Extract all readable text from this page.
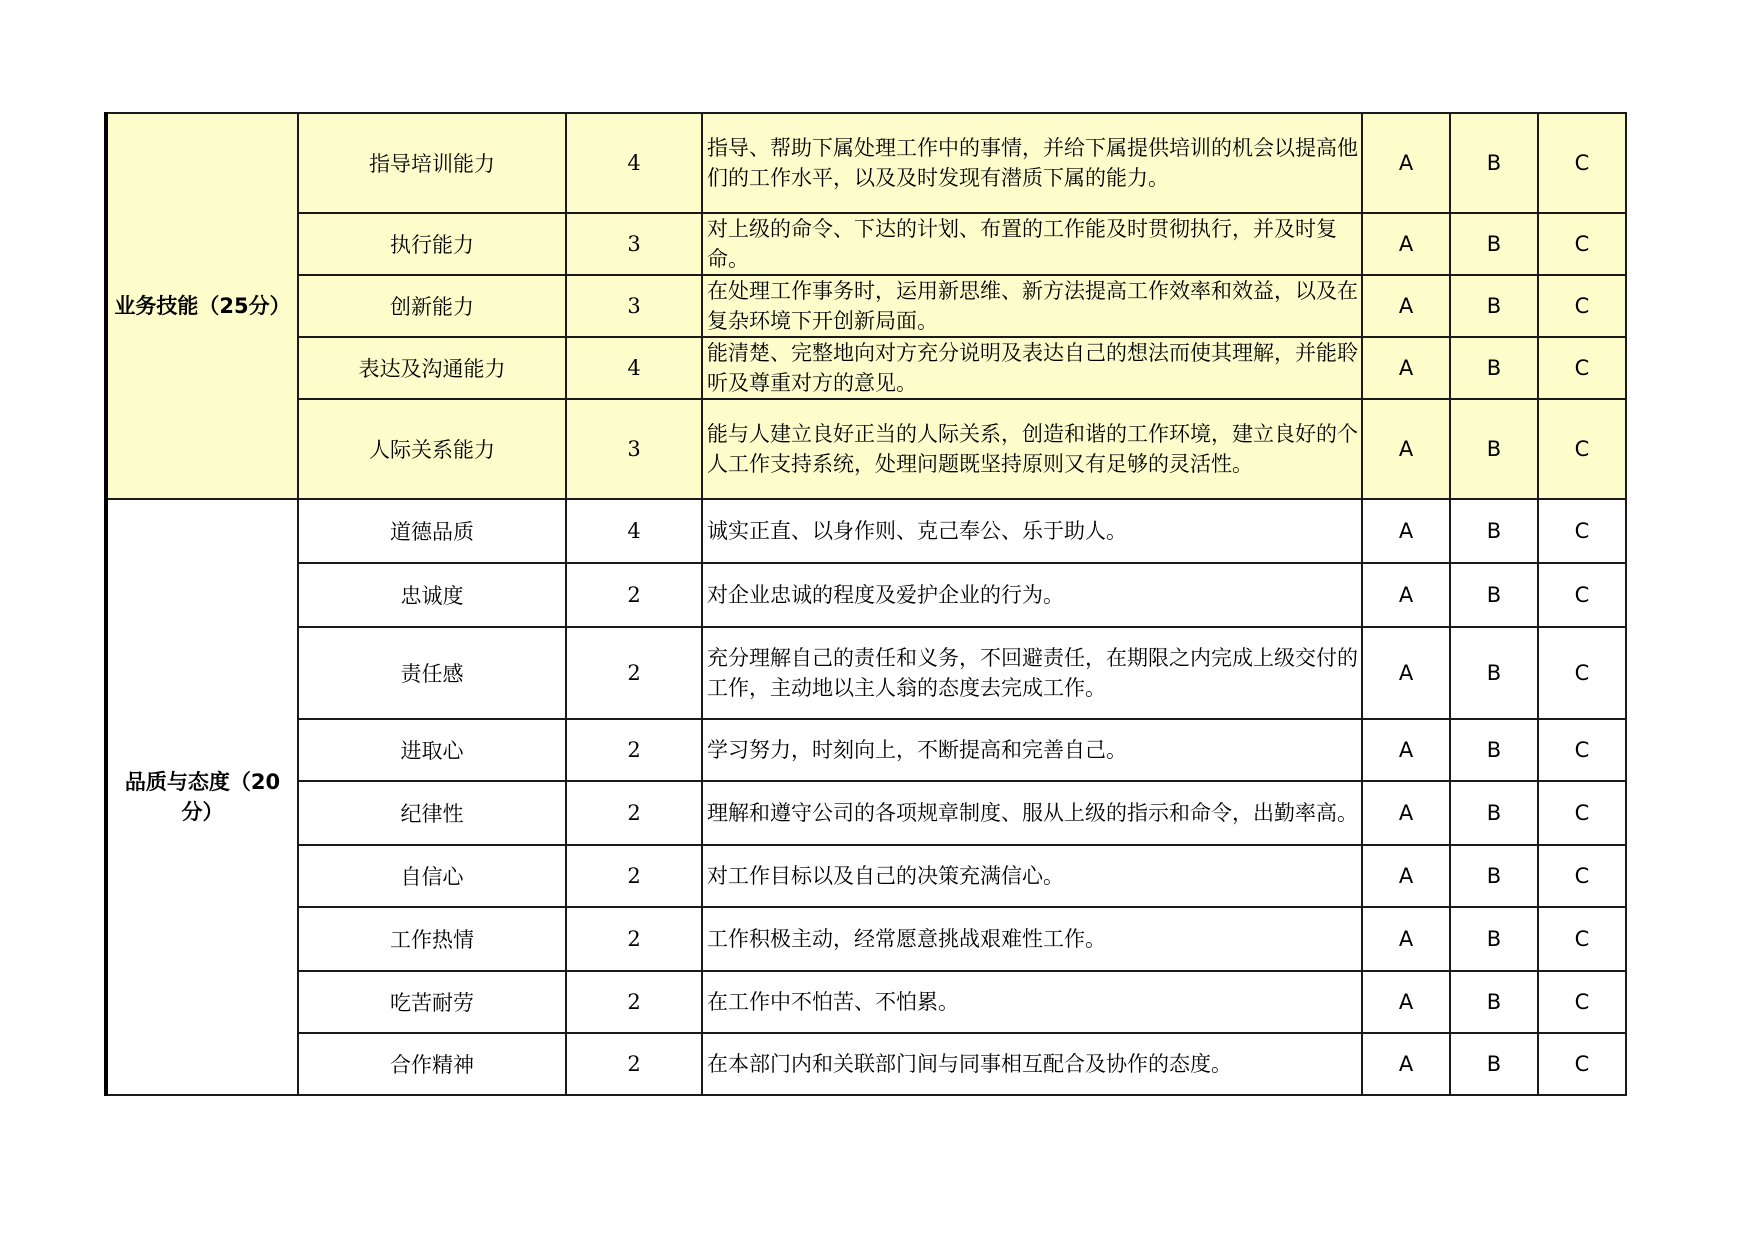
业务技能（25分）	指导培训能力	4	指导、帮助下属处理工作中的事情，并给下属提供培训的机会以提高他们的工作水平，以及及时发现有潜质下属的能力。	A	B	C
	执行能力	3	对上级的命令、下达的计划、布置的工作能及时贯彻执行，并及时复命。	A	B	C
	创新能力	3	在处理工作事务时，运用新思维、新方法提高工作效率和效益，以及在复杂环境下开创新局面。	A	B	C
	表达及沟通能力	4	能清楚、完整地向对方充分说明及表达自己的想法而使其理解，并能聆听及尊重对方的意见。	A	B	C
	人际关系能力	3	能与人建立良好正当的人际关系，创造和谐的工作环境，建立良好的个人工作支持系统，处理问题既坚持原则又有足够的灵活性。	A	B	C
品质与态度（20分）	道德品质	4	诚实正直、以身作则、克己奉公、乐于助人。	A	B	C
	忠诚度	2	对企业忠诚的程度及爱护企业的行为。	A	B	C
	责任感	2	充分理解自己的责任和义务，不回避责任，在期限之内完成上级交付的工作，主动地以主人翁的态度去完成工作。	A	B	C
	进取心	2	学习努力，时刻向上，不断提高和完善自己。	A	B	C
	纪律性	2	理解和遵守公司的各项规章制度、服从上级的指示和命令，出勤率高。	A	B	C
	自信心	2	对工作目标以及自己的决策充满信心。	A	B	C
	工作热情	2	工作积极主动，经常愿意挑战艰难性工作。	A	B	C
	吃苦耐劳	2	在工作中不怕苦、不怕累。	A	B	C
	合作精神	2	在本部门内和关联部门间与同事相互配合及协作的态度。	A	B	C
